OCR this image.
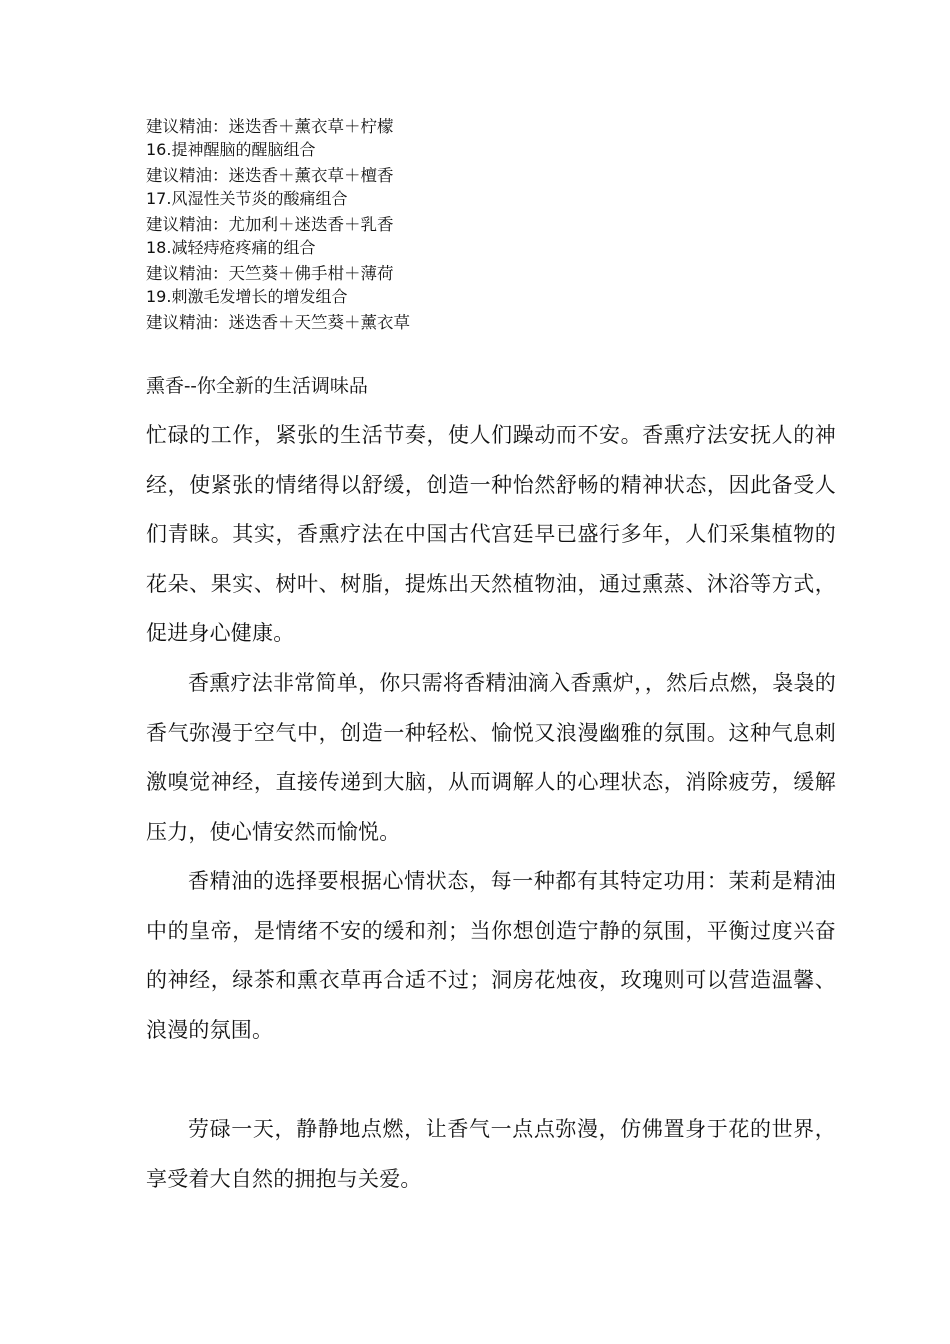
建议精油：迷迭香＋薰衣草＋柠檬
16.提神醒脑的醒脑组合
建议精油：迷迭香＋薰衣草＋檀香
17.风湿性关节炎的酸痛组合
建议精油：尤加利＋迷迭香＋乳香
18.减轻痔疮疼痛的组合
建议精油：天竺葵＋佛手柑＋薄荷
19.刺激毛发增长的增发组合
建议精油：迷迭香＋天竺葵＋薰衣草
熏香--你全新的生活调味品

忙碌的工作，紧张的生活节奏，使人们躁动而不安。香熏疗法安抚人的神经，使紧张的情绪得以舒缓，创造一种怡然舒畅的精神状态，因此备受人们青睐。其实，香熏疗法在中国古代宫廷早已盛行多年，人们采集植物的花朵、果实、树叶、树脂，提炼出天然植物油，通过熏蒸、沐浴等方式，促进身心健康。

香熏疗法非常简单，你只需将香精油滴入香熏炉，，然后点燃，袅袅的香气弥漫于空气中，创造一种轻松、愉悦又浪漫幽雅的氛围。这种气息刺激嗅觉神经，直接传递到大脑，从而调解人的心理状态，消除疲劳，缓解压力，使心情安然而愉悦。

香精油的选择要根据心情状态，每一种都有其特定功用：茉莉是精油中的皇帝，是情绪不安的缓和剂；当你想创造宁静的氛围，平衡过度兴奋的神经，绿茶和熏衣草再合适不过；洞房花烛夜，玫瑰则可以营造温馨、浪漫的氛围。

劳碌一天，静静地点燃，让香气一点点弥漫，仿佛置身于花的世界，享受着大自然的拥抱与关爱。
